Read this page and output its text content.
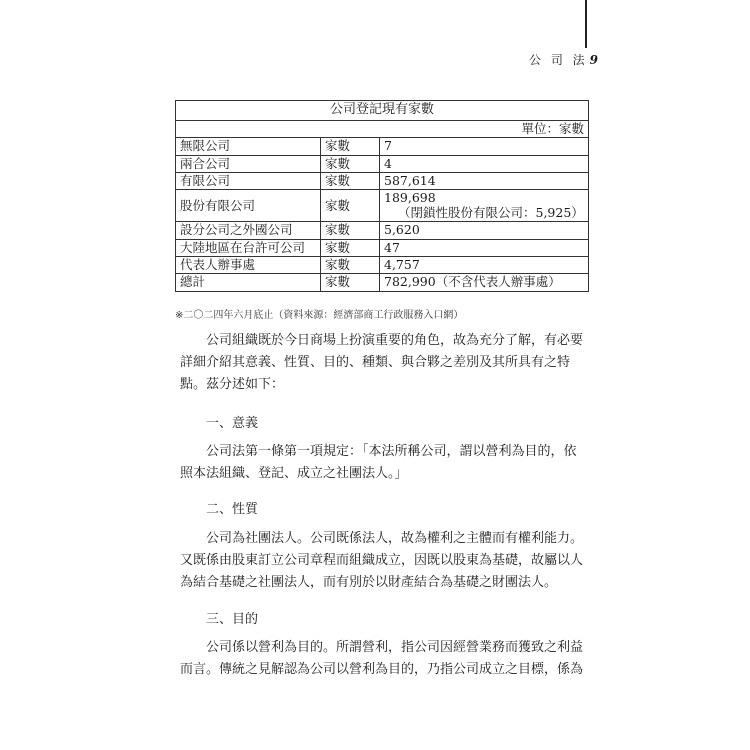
公 司 法 9
公司登記現有家數		
單位：家數		
無限公司	家數	7
兩合公司	家數	4
有限公司	家數	587,614
股份有限公司	家數	189,698
（閉鎖性股份有限公司：5,925）

設分公司之外國公司	家數	5,620
大陸地區在台許可公司	家數	47
代表人辦事處	家數	4,757
總計	家數	782,990（不含代表人辦事處）
※二〇二四年六月底止（資料來源：經濟部商工行政服務入口網）
公司組織既於今日商場上扮演重要的角色，故為充分了解，有必要
詳細介紹其意義、性質、目的、種類、與合夥之差別及其所具有之特
點。茲分述如下：
一、意義
公司法第一條第一項規定：「本法所稱公司，謂以營利為目的，依
照本法組織、登記、成立之社團法人。」
二、性質
公司為社團法人。公司既係法人，故為權利之主體而有權利能力。
又既係由股東訂立公司章程而組織成立，因既以股東為基礎，故屬以人
為結合基礎之社團法人，而有別於以財產結合為基礎之財團法人。
三、目的
公司係以營利為目的。所謂營利，指公司因經營業務而獲致之利益
而言。傳統之見解認為公司以營利為目的，乃指公司成立之目標，係為
